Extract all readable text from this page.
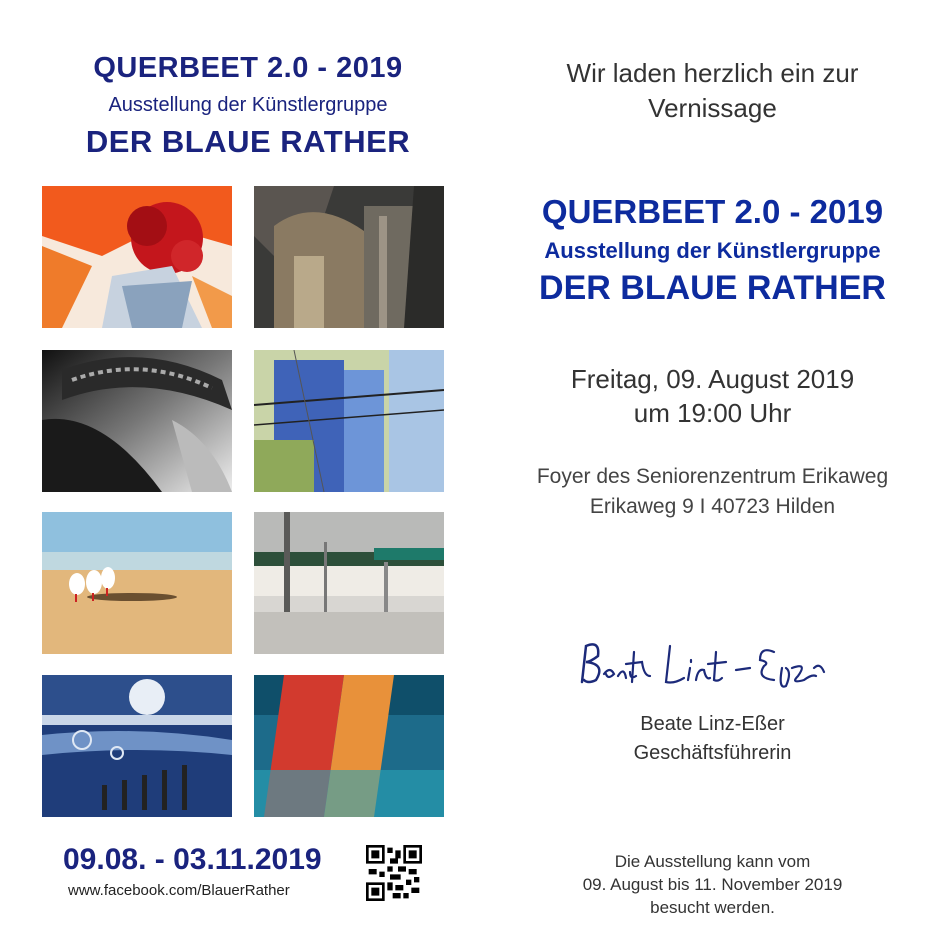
QUERBEET 2.0 - 2019
Ausstellung der Künstlergruppe
DER BLAUE RATHER
09.08. - 03.11.2019
www.facebook.com/BlauerRather
Wir laden herzlich ein zur
Vernissage
QUERBEET 2.0 - 2019
Ausstellung der Künstlergruppe
DER BLAUE RATHER
Freitag, 09. August 2019
um 19:00 Uhr
Foyer des Seniorenzentrum Erikaweg
Erikaweg 9 I 40723 Hilden
Beate Linz-Eßer
Geschäftsführerin
Die Ausstellung kann vom
09. August bis 11. November 2019
besucht werden.
